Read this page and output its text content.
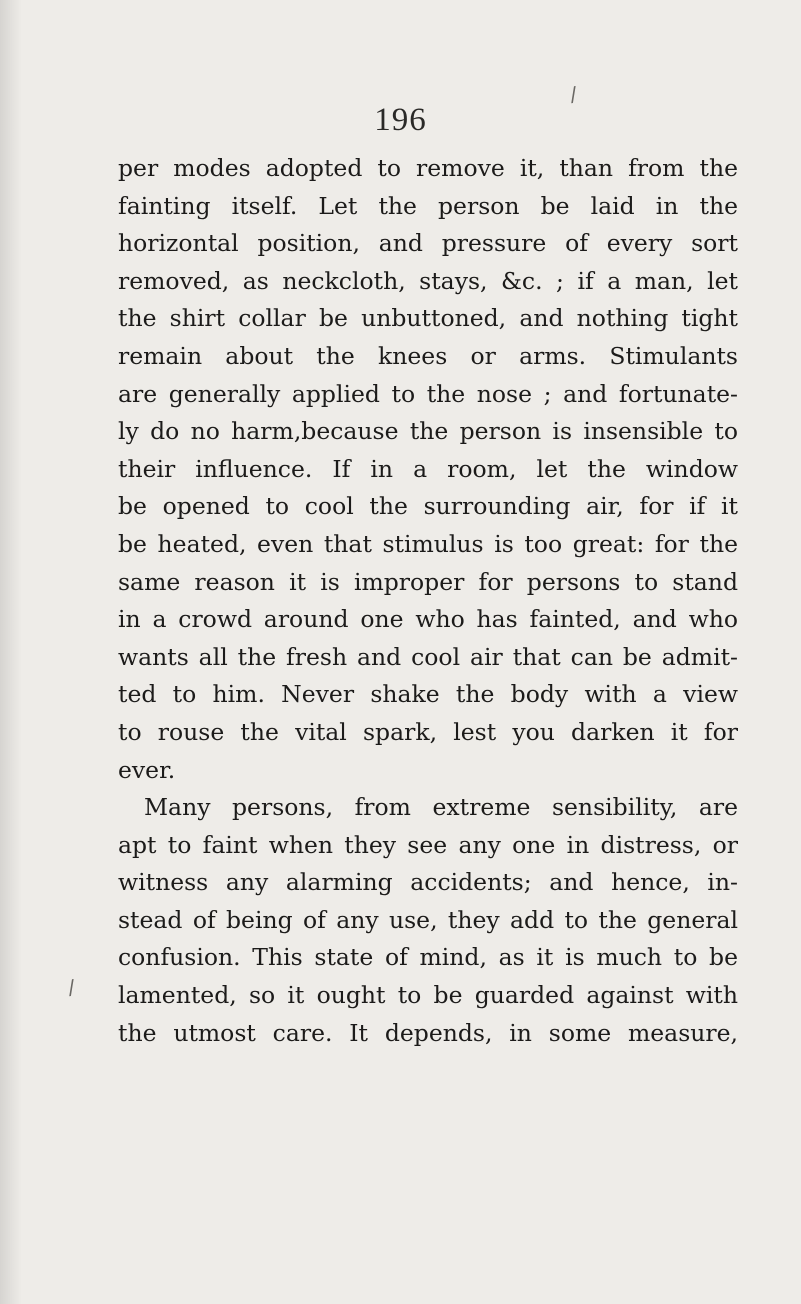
∕
∕
196
per modes adopted to remove it, than from the
fainting itself. Let the person be laid in the
horizontal position, and pressure of every sort
removed, as neckcloth, stays, &c. ; if a man, let
the shirt collar be unbuttoned, and nothing tight
remain about the knees or arms. Stimulants
are generally applied to the nose ; and fortunate-
ly do no harm,because the person is insensible to
their influence. If in a room, let the window
be opened to cool the surrounding air, for if it
be heated, even that stimulus is too great: for the
same reason it is improper for persons to stand
in a crowd around one who has fainted, and who
wants all the fresh and cool air that can be admit-
ted to him. Never shake the body with a view
to rouse the vital spark, lest you darken it for
ever.
Many persons, from extreme sensibility, are
apt to faint when they see any one in distress, or
witness any alarming accidents; and hence, in-
stead of being of any use, they add to the general
confusion. This state of mind, as it is much to be
lamented, so it ought to be guarded against with
the utmost care. It depends, in some measure,
